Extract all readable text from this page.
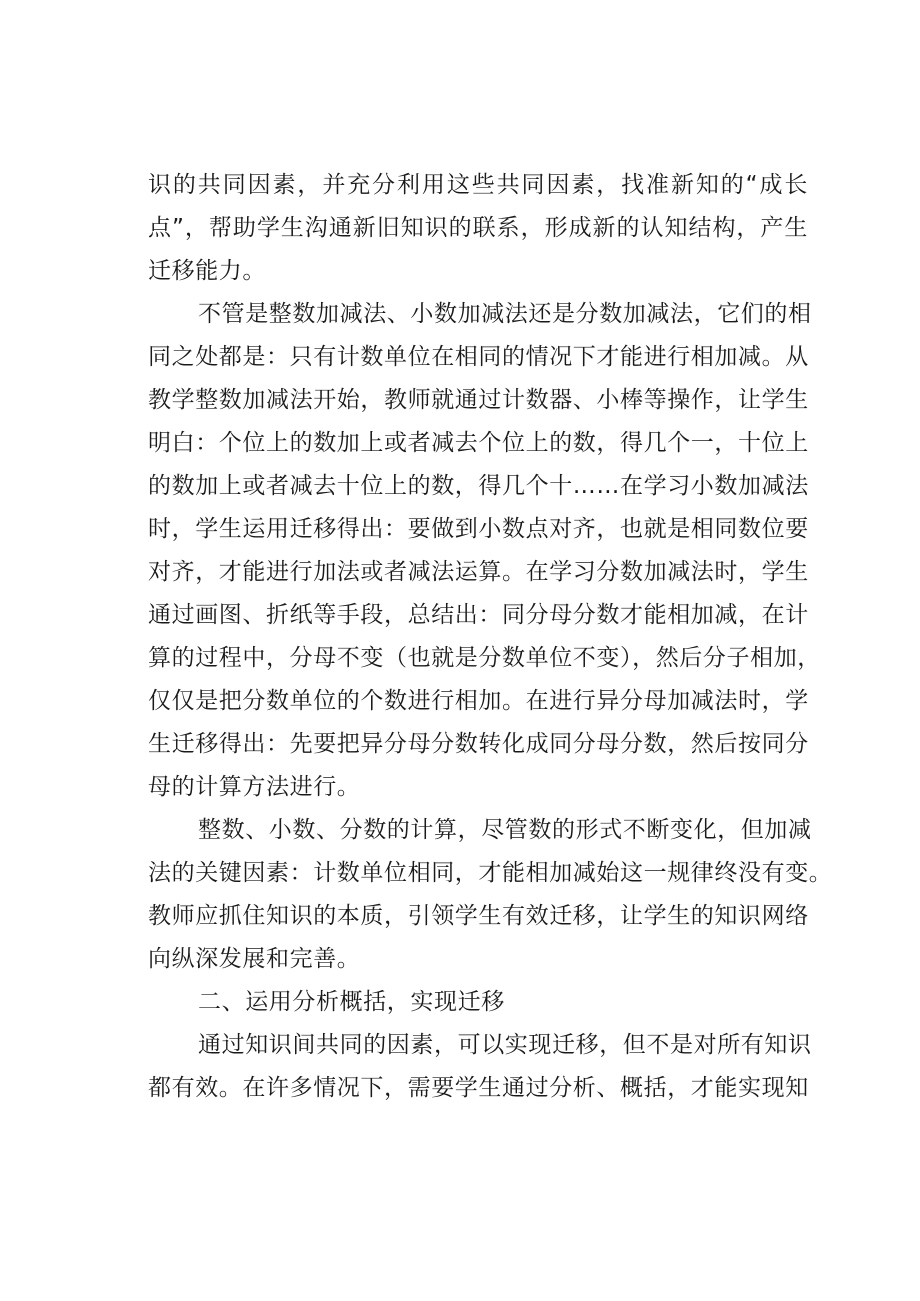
识的共同因素，并充分利用这些共同因素，找准新知的“成长
点”，帮助学生沟通新旧知识的联系，形成新的认知结构，产生
迁移能力。
不管是整数加减法、小数加减法还是分数加减法，它们的相
同之处都是：只有计数单位在相同的情况下才能进行相加减。从
教学整数加减法开始，教师就通过计数器、小棒等操作，让学生
明白：个位上的数加上或者减去个位上的数，得几个一，十位上
的数加上或者减去十位上的数，得几个十……在学习小数加减法
时，学生运用迁移得出：要做到小数点对齐，也就是相同数位要
对齐，才能进行加法或者减法运算。在学习分数加减法时，学生
通过画图、折纸等手段，总结出：同分母分数才能相加减，在计
算的过程中，分母不变（也就是分数单位不变），然后分子相加，
仅仅是把分数单位的个数进行相加。在进行异分母加减法时，学
生迁移得出：先要把异分母分数转化成同分母分数，然后按同分
母的计算方法进行。
整数、小数、分数的计算，尽管数的形式不断变化，但加减
法的关键因素：计数单位相同，才能相加减始这一规律终没有变。
教师应抓住知识的本质，引领学生有效迁移，让学生的知识网络
向纵深发展和完善。
二、运用分析概括，实现迁移
通过知识间共同的因素，可以实现迁移，但不是对所有知识
都有效。在许多情况下，需要学生通过分析、概括，才能实现知
